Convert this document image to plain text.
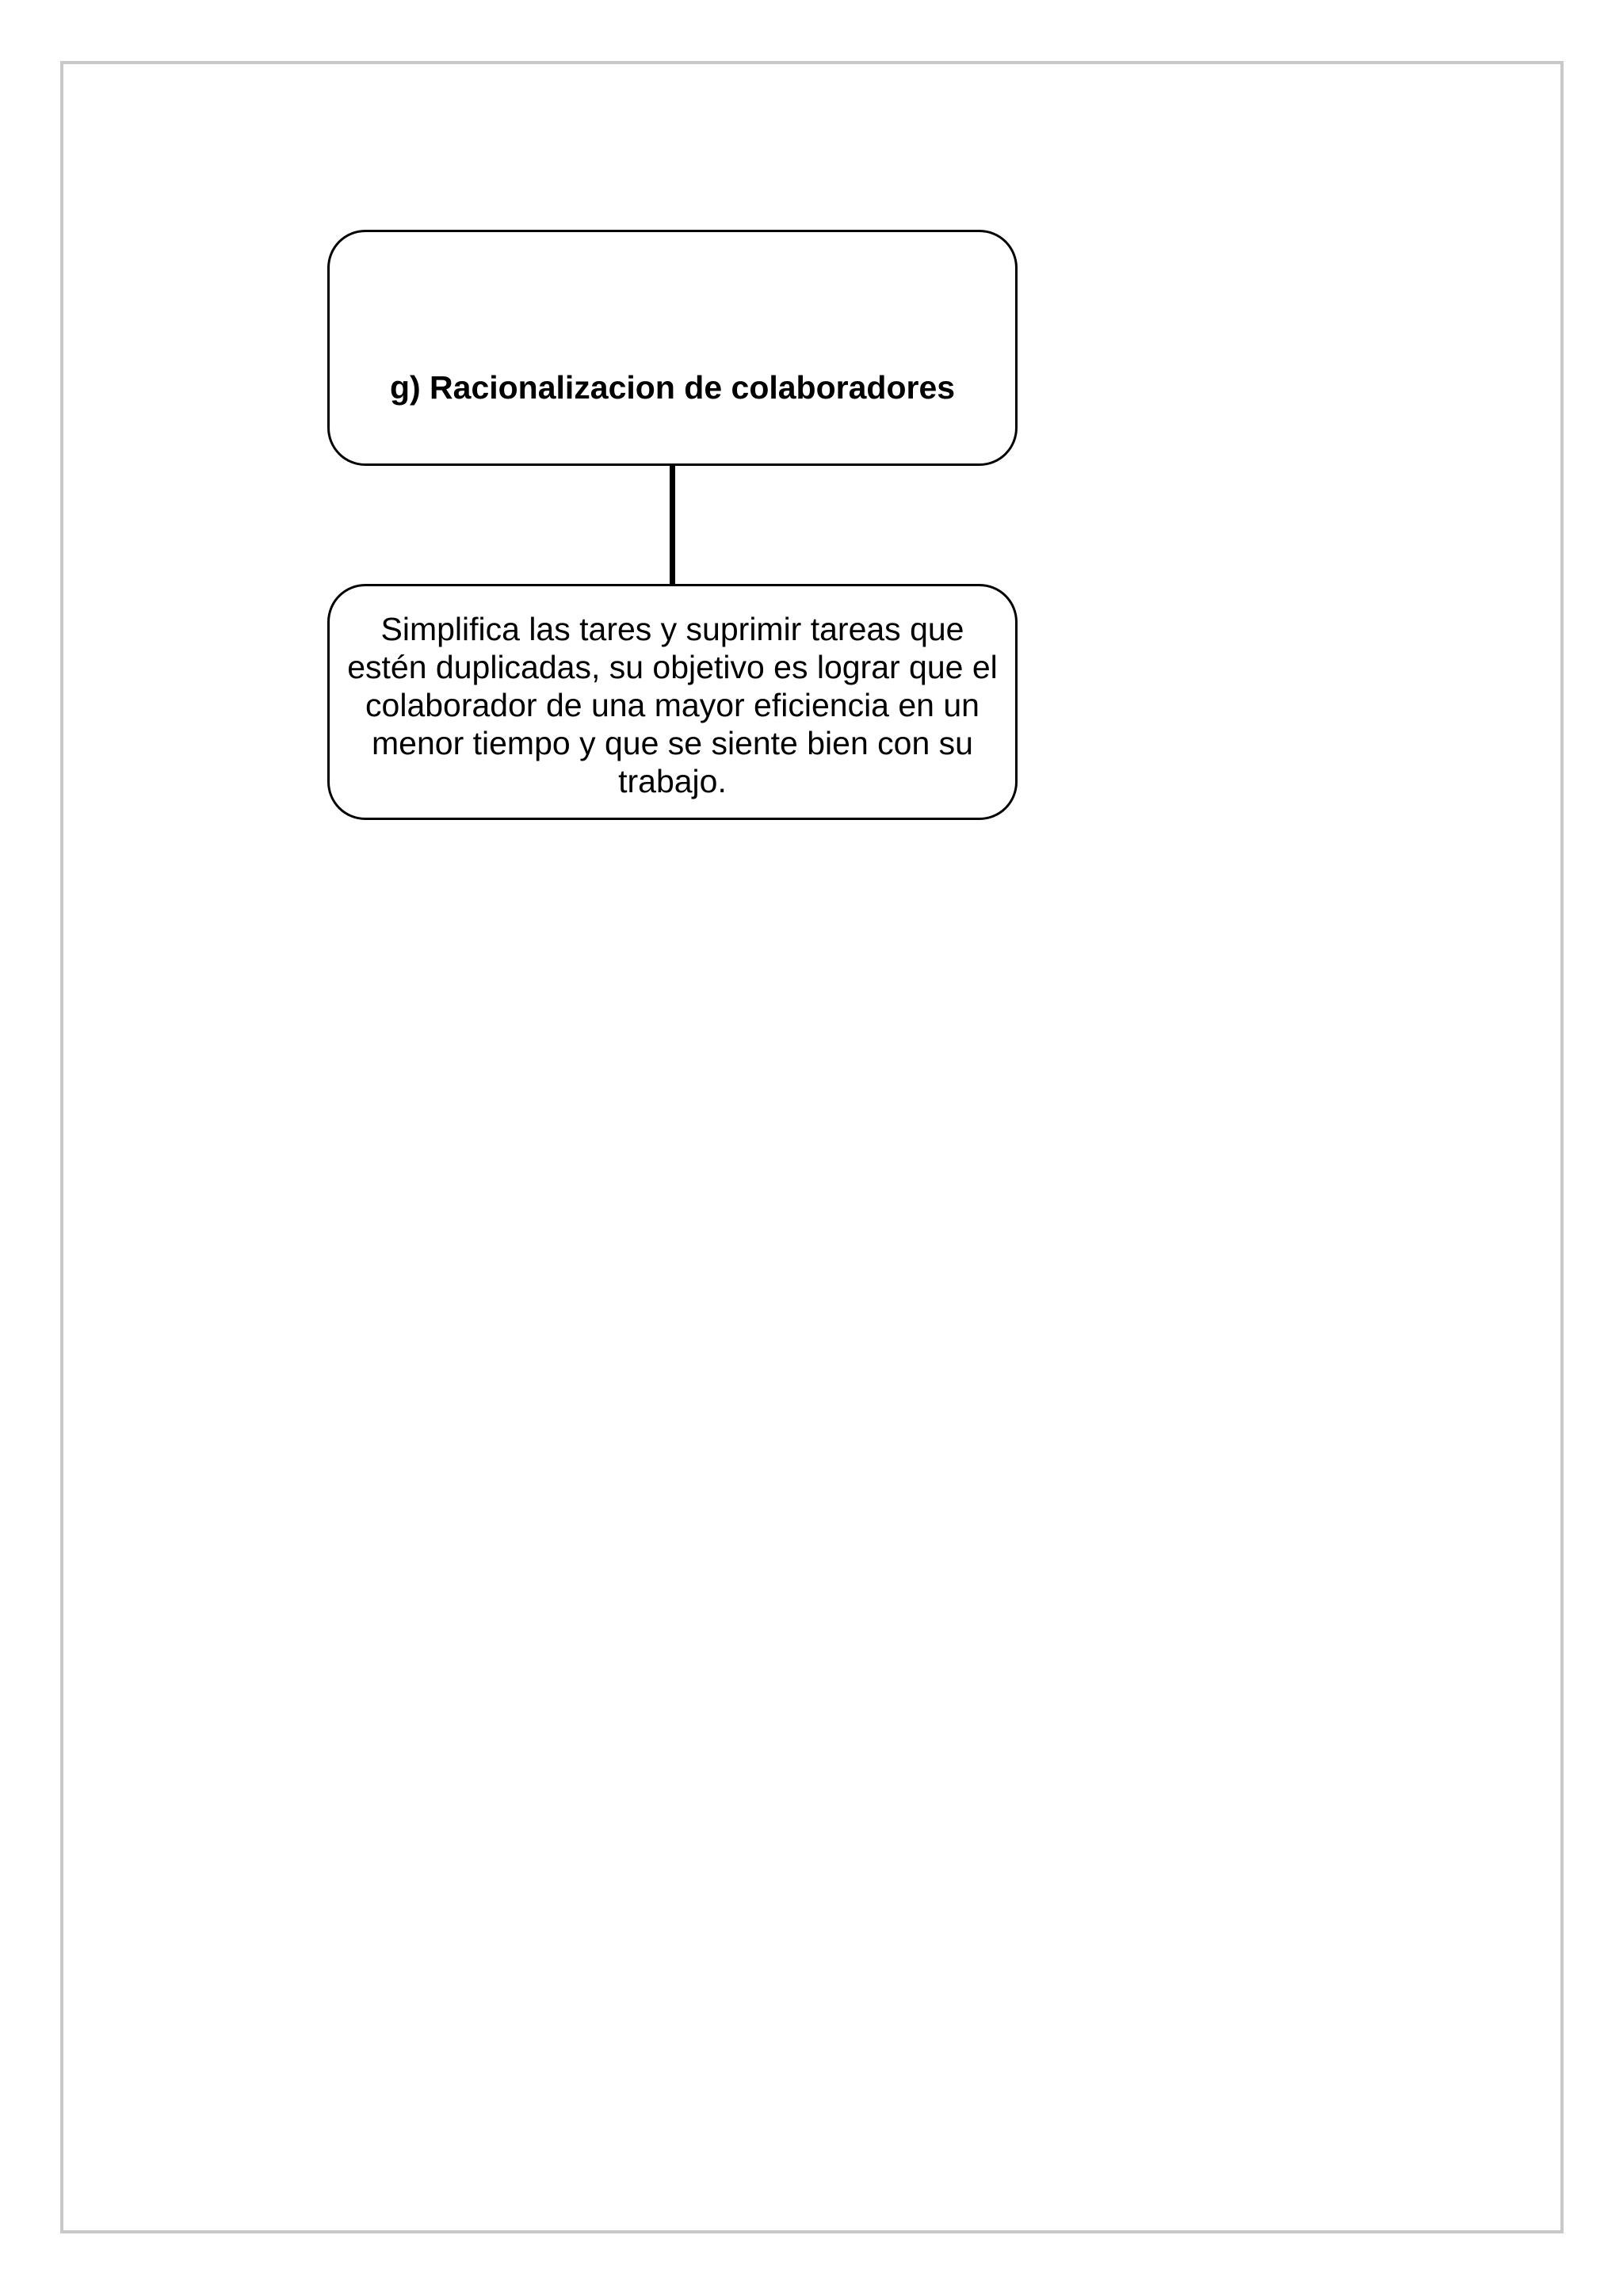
g) Racionalizacion de colaboradores
Simplifica las tares y suprimir tareas que estén duplicadas, su objetivo es lograr que el colaborador de una mayor eficiencia en un menor tiempo y que se siente bien con su trabajo.
